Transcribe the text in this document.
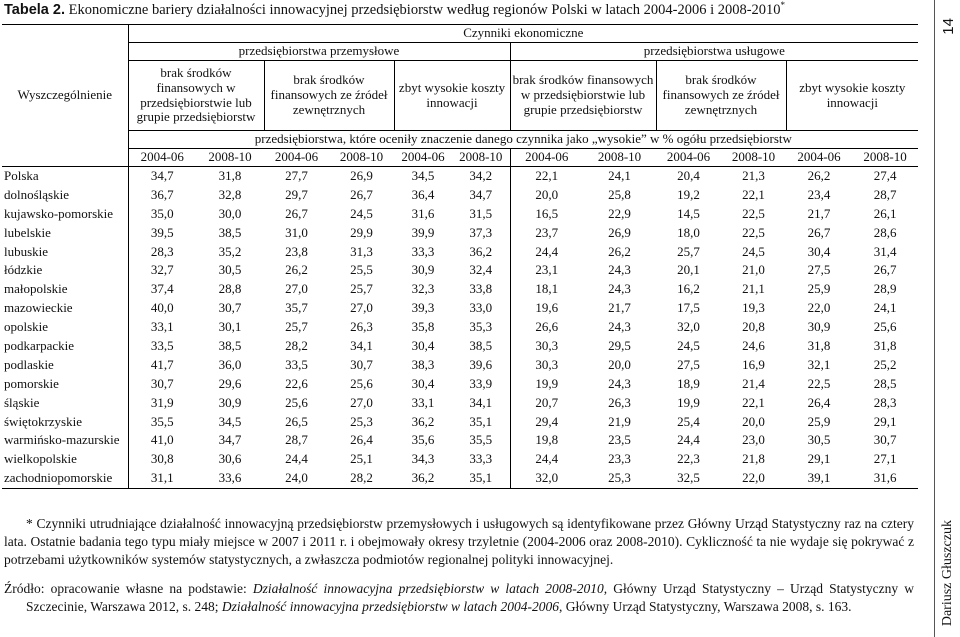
Tabela 2. Ekonomiczne bariery działalności innowacyjnej przedsiębiorstw według regionów Polski w latach 2004-2006 i 2008-2010*
14
Dariusz Głuszczuk
Wyszczególnienie	Czynniki ekonomiczne											
	przedsiębiorstwa przemysłowe						przedsiębiorstwa usługowe					
	brak środków finansowych w przedsiębiorstwie lub grupie przedsiębiorstw		brak środków finansowych ze źródeł zewnętrznych		zbyt wysokie koszty innowacji		brak środków finansowych w przedsiębiorstwie lub grupie przedsiębiorstw		brak środków finansowych ze źródeł zewnętrznych		zbyt wysokie koszty innowacji	
	przedsiębiorstwa, które oceniły znaczenie danego czynnika jako „wysokie” w % ogółu przedsiębiorstw											
	2004-06	2008-10	2004-06	2008-10	2004-06	2008-10	2004-06	2008-10	2004-06	2008-10	2004-06	2008-10
Polska	34,7	31,8	27,7	26,9	34,5	34,2	22,1	24,1	20,4	21,3	26,2	27,4
dolnośląskie	36,7	32,8	29,7	26,7	36,4	34,7	20,0	25,8	19,2	22,1	23,4	28,7
kujawsko-pomorskie	35,0	30,0	26,7	24,5	31,6	31,5	16,5	22,9	14,5	22,5	21,7	26,1
lubelskie	39,5	38,5	31,0	29,9	39,9	37,3	23,7	26,9	18,0	22,5	26,7	28,6
lubuskie	28,3	35,2	23,8	31,3	33,3	36,2	24,4	26,2	25,7	24,5	30,4	31,4
łódzkie	32,7	30,5	26,2	25,5	30,9	32,4	23,1	24,3	20,1	21,0	27,5	26,7
małopolskie	37,4	28,8	27,0	25,7	32,3	33,8	18,1	24,3	16,2	21,1	25,9	28,9
mazowieckie	40,0	30,7	35,7	27,0	39,3	33,0	19,6	21,7	17,5	19,3	22,0	24,1
opolskie	33,1	30,1	25,7	26,3	35,8	35,3	26,6	24,3	32,0	20,8	30,9	25,6
podkarpackie	33,5	38,5	28,2	34,1	30,4	38,5	30,3	29,5	24,5	24,6	31,8	31,8
podlaskie	41,7	36,0	33,5	30,7	38,3	39,6	30,3	20,0	27,5	16,9	32,1	25,2
pomorskie	30,7	29,6	22,6	25,6	30,4	33,9	19,9	24,3	18,9	21,4	22,5	28,5
śląskie	31,9	30,9	25,6	27,0	33,1	34,1	20,7	26,3	19,9	22,1	26,4	28,3
świętokrzyskie	35,5	34,5	26,5	25,3	36,2	35,1	29,4	21,9	25,4	20,0	25,9	29,1
warmińsko-mazurskie	41,0	34,7	28,7	26,4	35,6	35,5	19,8	23,5	24,4	23,0	30,5	30,7
wielkopolskie	30,8	30,6	24,4	25,1	34,3	33,3	24,4	23,3	22,3	21,8	29,1	27,1
zachodniopomorskie	31,1	33,6	24,0	28,2	36,2	35,1	32,0	25,3	32,5	22,0	39,1	31,6
* Czynniki utrudniające działalność innowacyjną przedsiębiorstw przemysłowych i usługowych są identyfikowane przez Główny Urząd Statystyczny raz na cztery lata. Ostatnie badania tego typu miały miejsce w 2007 i 2011 r. i obejmowały okresy trzyletnie (2004-2006 oraz 2008-2010). Cykliczność ta nie wydaje się pokrywać z potrzebami użytkowników systemów statystycznych, a zwłaszcza podmiotów regionalnej polityki innowacyjnej.
Źródło: opracowanie własne na podstawie: Działalność innowacyjna przedsiębiorstw w latach 2008-2010, Główny Urząd Statystyczny – Urząd Statystyczny w Szczecinie, Warszawa 2012, s. 248; Działalność innowacyjna przedsiębiorstw w latach 2004-2006, Główny Urząd Statystyczny, Warszawa 2008, s. 163.
